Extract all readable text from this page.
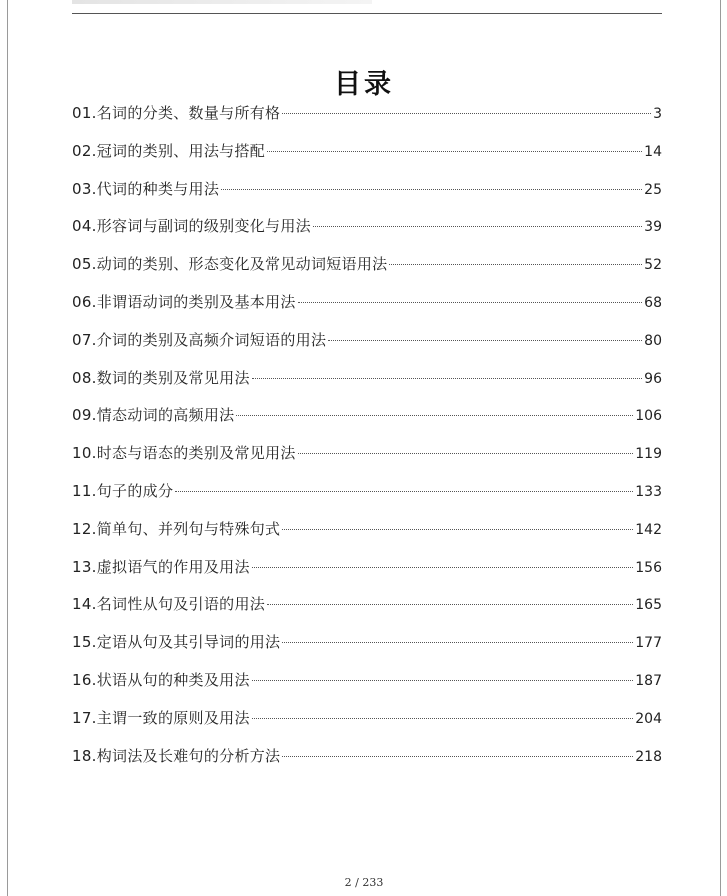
目录
01.名词的分类、数量与所有格	3
02.冠词的类别、用法与搭配	14
03.代词的种类与用法	25
04.形容词与副词的级别变化与用法	39
05.动词的类别、形态变化及常见动词短语用法	52
06.非谓语动词的类别及基本用法	68
07.介词的类别及高频介词短语的用法	80
08.数词的类别及常见用法	96
09.情态动词的高频用法	106
10.时态与语态的类别及常见用法	119
11.句子的成分	133
12.简单句、并列句与特殊句式	142
13.虚拟语气的作用及用法	156
14.名词性从句及引语的用法	165
15.定语从句及其引导词的用法	177
16.状语从句的种类及用法	187
17.主谓一致的原则及用法	204
18.构词法及长难句的分析方法	218
2 / 233
